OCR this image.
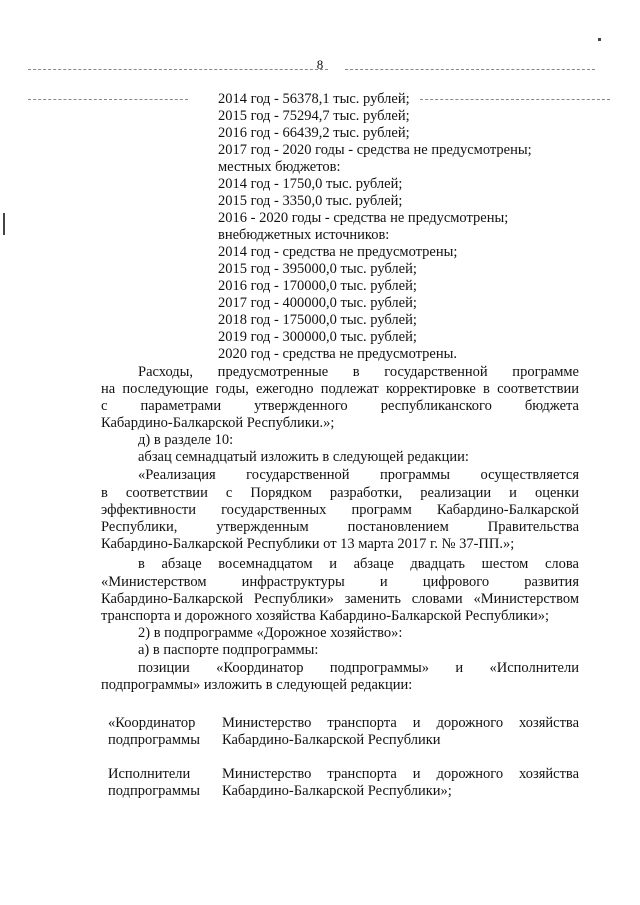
8
2014 год - 56378,1 тыс. рублей;
2015 год - 75294,7 тыс. рублей;
2016 год - 66439,2 тыс. рублей;
2017 год - 2020 годы - средства не предусмотрены;
местных бюджетов:
2014 год - 1750,0 тыс. рублей;
2015 год - 3350,0 тыс. рублей;
2016 - 2020 годы - средства не предусмотрены;
внебюджетных источников:
2014 год - средства не предусмотрены;
2015 год - 395000,0 тыс. рублей;
2016 год - 170000,0 тыс. рублей;
2017 год - 400000,0 тыс. рублей;
2018 год - 175000,0 тыс. рублей;
2019 год - 300000,0 тыс. рублей;
2020 год - средства не предусмотрены.
Расходы, предусмотренные в государственной программе
на последующие годы, ежегодно подлежат корректировке в соответствии
с параметрами утвержденного республиканского бюджета
Кабардино-Балкарской Республики.»;
д) в разделе 10:
абзац семнадцатый изложить в следующей редакции:
«Реализация государственной программы осуществляется
в соответствии с Порядком разработки, реализации и оценки
эффективности государственных программ Кабардино-Балкарской
Республики, утвержденным постановлением Правительства
Кабардино-Балкарской Республики от 13 марта 2017 г. № 37-ПП.»;
в абзаце восемнадцатом и абзаце двадцать шестом слова
«Министерством инфраструктуры и цифрового развития
Кабардино-Балкарской Республики» заменить словами «Министерством
транспорта и дорожного хозяйства Кабардино-Балкарской Республики»;
2) в подпрограмме «Дорожное хозяйство»:
а) в паспорте подпрограммы:
позиции «Координатор подпрограммы» и «Исполнители
подпрограммы» изложить в следующей редакции:
«Координатор
подпрограммы
Министерство транспорта и дорожного хозяйства
Кабардино-Балкарской Республики
Исполнители
подпрограммы
Министерство транспорта и дорожного хозяйства
Кабардино-Балкарской Республики»;
